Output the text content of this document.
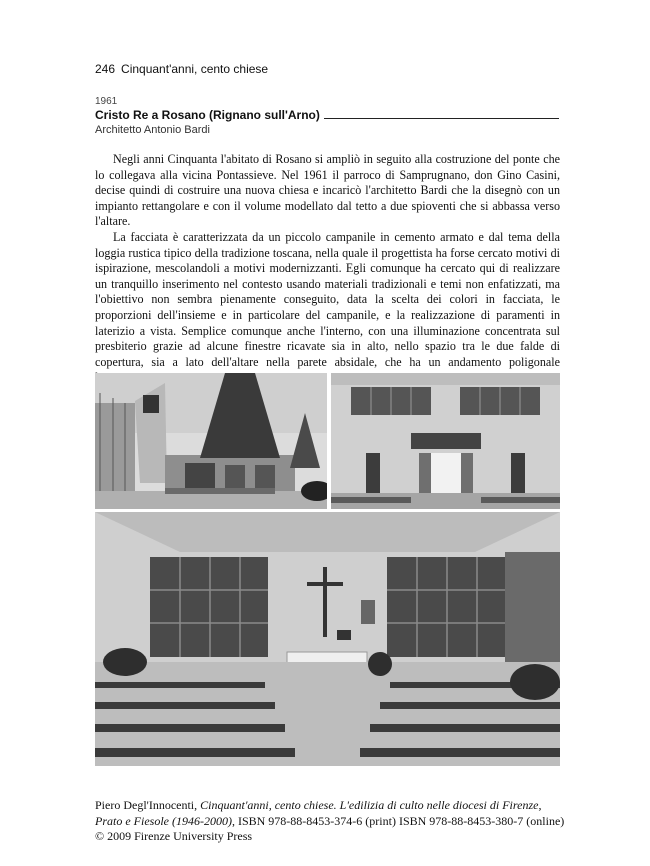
246 Cinquant'anni, cento chiese
1961
Cristo Re a Rosano (Rignano sull'Arno)
Architetto Antonio Bardi

Negli anni Cinquanta l'abitato di Rosano si ampliò in seguito alla costruzione del ponte che lo collegava alla vicina Pontassieve. Nel 1961 il parroco di Samprugnano, don Gino Casini, decise quindi di costruire una nuova chiesa e incaricò l'architetto Bardi che la disegnò con un impianto rettangolare e con il volume modellato dal tetto a due spioventi che si abbassa verso l'altare.

La facciata è caratterizzata da un piccolo campanile in cemento armato e dal tema della loggia rustica tipico della tradizione toscana, nella quale il progettista ha forse cercato motivi di ispirazione, mescolandoli a motivi modernizzanti. Egli comunque ha cercato qui di realizzare un tranquillo inserimento nel contesto usando materiali tradizionali e temi non enfatizzati, ma l'obiettivo non sembra pienamente conseguito, data la scelta dei colori in facciata, le proporzioni dell'insieme e in particolare del campanile, e la realizzazione di paramenti in laterizio a vista. Semplice comunque anche l'interno, con una illuminazione concentrata sul presbiterio grazie ad alcune finestre ricavate sia in alto, nello spazio tra le due falde di copertura, sia a lato dell'altare nella parete absidale, che ha un andamento poligonale

Piero Degl'Innocenti, Cinquant'anni, cento chiese. L'edilizia di culto nelle diocesi di Firenze, Prato e Fiesole (1946-2000), ISBN 978-88-8453-374-6 (print) ISBN 978-88-8453-380-7 (online)

© 2009 Firenze University Press
